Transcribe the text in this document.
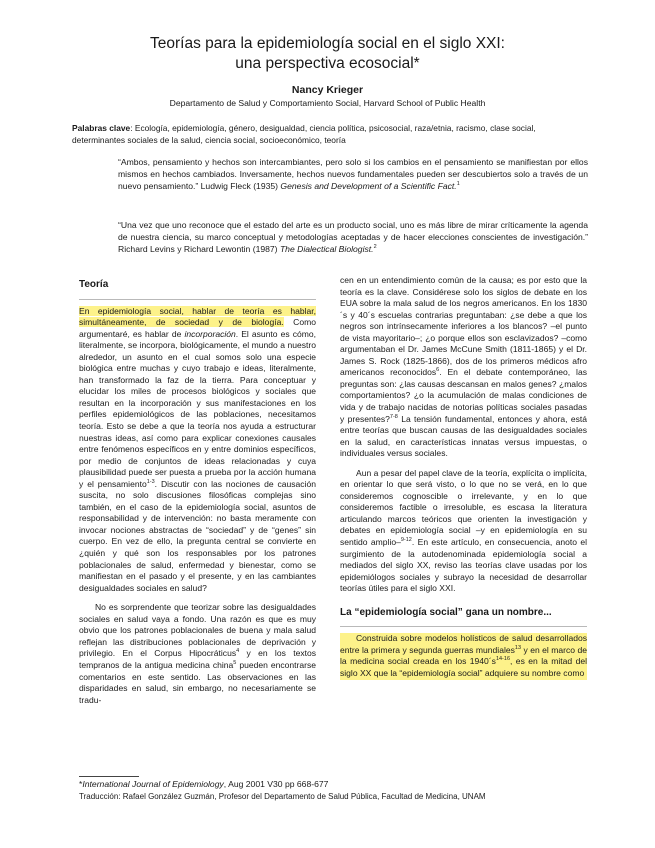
Teorías para la epidemiología social en el siglo XXI:
una perspectiva ecosocial*
Nancy Krieger
Departamento de Salud y Comportamiento Social, Harvard School of Public Health
Palabras clave: Ecología, epidemiología, género, desigualdad, ciencia política, psicosocial, raza/etnia, racismo, clase social, determinantes sociales de la salud, ciencia social, socioeconómico, teoría
“Ambos, pensamiento y hechos son intercambiantes, pero solo si los cambios en el pensamiento se manifiestan por ellos mismos en hechos cambiados. Inversamente, hechos nuevos fundamentales pueden ser descubiertos solo a través de un nuevo pensamiento.” Ludwig Fleck (1935) Genesis and Development of a Scientific Fact.$^1$
“Una vez que uno reconoce que el estado del arte es un producto social, uno es más libre de mirar críticamente la agenda de nuestra ciencia, su marco conceptual y metodologías aceptadas y de hacer elecciones conscientes de investigación.” Richard Levins y Richard Lewontin (1987) The Dialectical Biologist.$^2$
Teoría

En epidemiología social, hablar de teoría es hablar, simultáneamente, de sociedad y de biología. Como argumentaré, es hablar de incorporación. El asunto es cómo, literalmente, se incorpora, biológicamente, el mundo a nuestro alrededor, un asunto en el cual somos solo una especie biológica entre muchas y cuyo trabajo e ideas, literalmente, han transformado la faz de la tierra. Para conceptuar y elucidar los miles de procesos biológicos y sociales que resultan en la incorporación y sus manifestaciones en los perfiles epidemiológicos de las poblaciones, necesitamos teoría. Esto se debe a que la teoría nos ayuda a estructurar nuestras ideas, así como para explicar conexiones causales entre fenómenos específicos en y entre dominios específicos, por medio de conjuntos de ideas relacionadas y cuya plausibilidad puede ser puesta a prueba por la acción humana y el pensamiento$^{1-3}$. Discutir con las nociones de causación suscita, no solo discusiones filosóficas complejas sino también, en el caso de la epidemiología social, asuntos de responsabilidad y de intervención: no basta meramente con invocar nociones abstractas de “sociedad” y de “genes” sin cuerpo. En vez de ello, la pregunta central se convierte en ¿quién y qué son los responsables por los patrones poblacionales de salud, enfermedad y bienestar, como se manifiestan en el pasado y el presente, y en las cambiantes desigualdades sociales en salud?

No es sorprendente que teorizar sobre las desigualdades sociales en salud vaya a fondo. Una razón es que es muy obvio que los patrones poblacionales de buena y mala salud reflejan las distribuciones poblacionales de deprivación y privilegio. En el Corpus Hipocráticus$^4$ y en los textos tempranos de la antigua medicina china$^5$ pueden encontrarse comentarios en este sentido. Las observaciones en las disparidades en salud, sin embargo, no necesariamente se tradu-

cen en un entendimiento común de la causa; es por esto que la teoría es la clave. Considérese solo los siglos de debate en los EUA sobre la mala salud de los negros americanos. En los 1830´s y 40´s escuelas contrarias preguntaban: ¿se debe a que los negros son intrínsecamente inferiores a los blancos? –el punto de vista mayoritario–; ¿o porque ellos son esclavizados? –como argumentaban el Dr. James McCune Smith (1811-1865) y el Dr. James S. Rock (1825-1866), dos de los primeros médicos afro americanos reconocidos$^6$. En el debate contemporáneo, las preguntas son: ¿las causas descansan en malos genes? ¿malos comportamientos? ¿o la acumulación de malas condiciones de vida y de trabajo nacidas de notorias políticas sociales pasadas y presentes?$^{7-8}$ La tensión fundamental, entonces y ahora, está entre teorías que buscan causas de las desigualdades sociales en la salud, en características innatas versus impuestas, o individuales versus sociales.

Aun a pesar del papel clave de la teoría, explícita o implícita, en orientar lo que será visto, o lo que no se verá, en lo que consideremos cognoscible o irrelevante, y en lo que consideremos factible o irresoluble, es escasa la literatura articulando marcos teóricos que orienten la investigación y debates en epidemiología social –y en epidemiología en su sentido amplio–$^{9-12}$. En este artículo, en consecuencia, anoto el surgimiento de la autodenominada epidemiología social a mediados del siglo XX, reviso las teorías clave usadas por los epidemiólogos sociales y subrayo la necesidad de desarrollar teorías útiles para el siglo XXI.

La “epidemiología social” gana un nombre...

Construida sobre modelos holísticos de salud desarrollados entre la primera y segunda guerras mundiales$^{13}$ y en el marco de la medicina social creada en los $1940´s^{14-16}$, es en la mitad del siglo XX que la “epidemiología social” adquiere su nombre como

*International Journal of Epidemiology, Aug 2001 V30 pp 668-677
Traducción: Rafael González Guzmán, Profesor del Departamento de Salud Pública, Facultad de Medicina, UNAM
